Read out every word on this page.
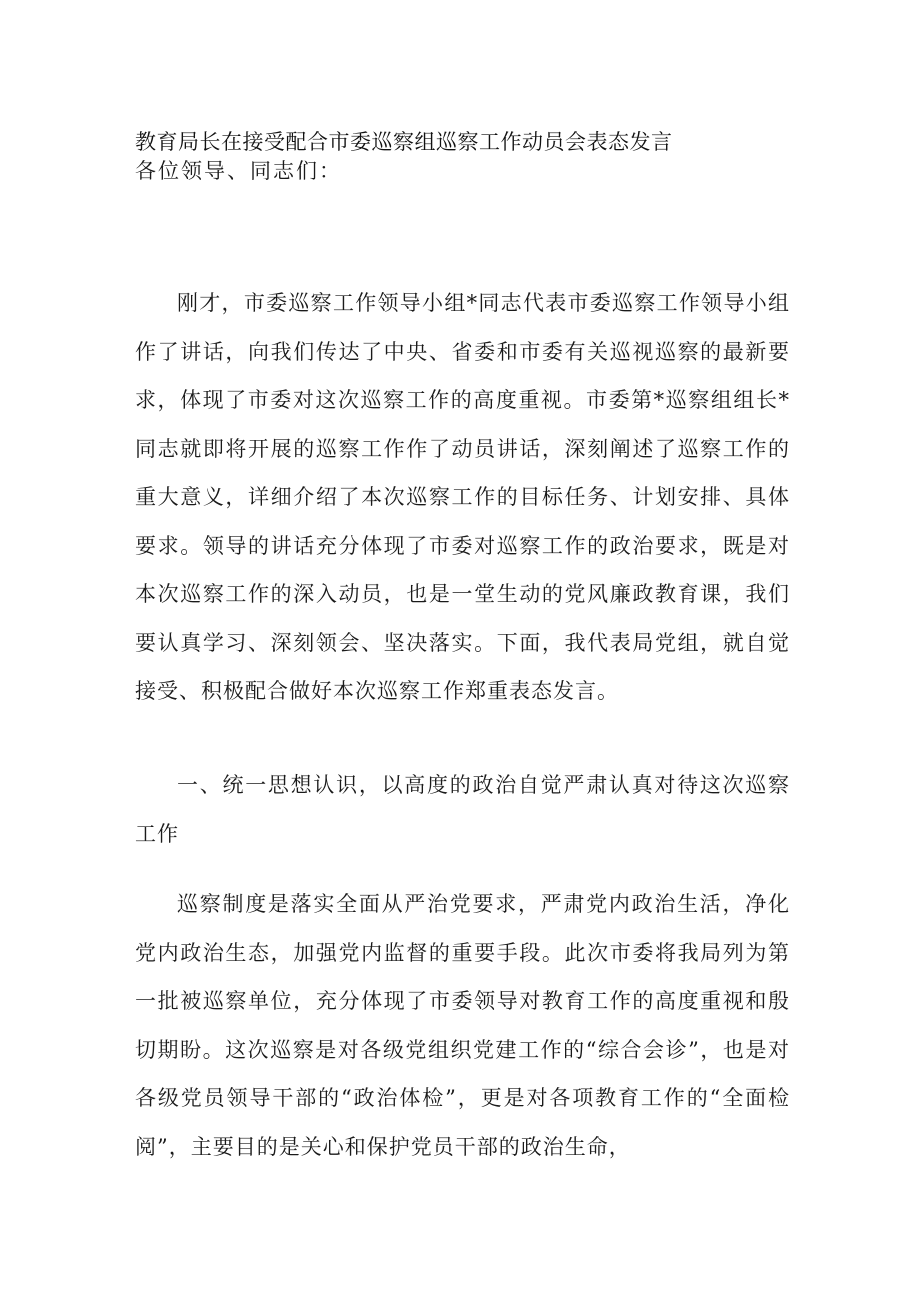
教育局长在接受配合市委巡察组巡察工作动员会表态发言
各位领导、同志们：

刚才，市委巡察工作领导小组*同志代表市委巡察工作领导小组作了讲话，向我们传达了中央、省委和市委有关巡视巡察的最新要求，体现了市委对这次巡察工作的高度重视。市委第*巡察组组长*同志就即将开展的巡察工作作了动员讲话，深刻阐述了巡察工作的重大意义，详细介绍了本次巡察工作的目标任务、计划安排、具体要求。领导的讲话充分体现了市委对巡察工作的政治要求，既是对本次巡察工作的深入动员，也是一堂生动的党风廉政教育课，我们要认真学习、深刻领会、坚决落实。下面，我代表局党组，就自觉接受、积极配合做好本次巡察工作郑重表态发言。

一、统一思想认识，以高度的政治自觉严肃认真对待这次巡察工作

巡察制度是落实全面从严治党要求，严肃党内政治生活，净化党内政治生态，加强党内监督的重要手段。此次市委将我局列为第一批被巡察单位，充分体现了市委领导对教育工作的高度重视和殷切期盼。这次巡察是对各级党组织党建工作的“综合会诊”，也是对各级党员领导干部的“政治体检”，更是对各项教育工作的“全面检阅”，主要目的是关心和保护党员干部的政治生命，
